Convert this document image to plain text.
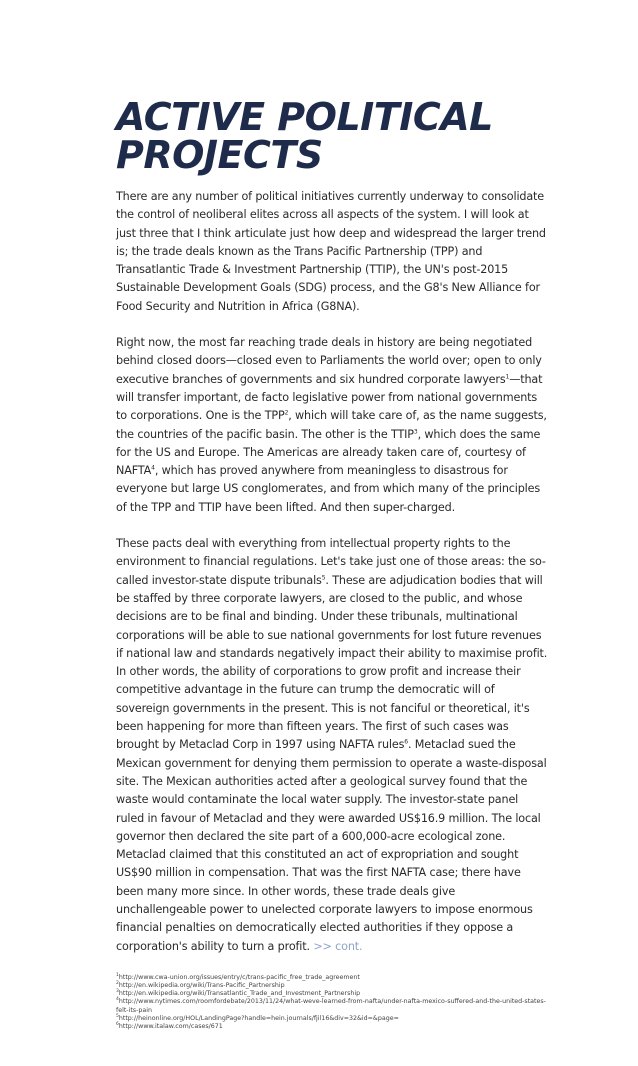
ACTIVE POLITICAL
PROJECTS

There are any number of political initiatives currently underway to consolidate the control of neoliberal elites across all aspects of the system. I will look at just three that I think articulate just how deep and widespread the larger trend is; the trade deals known as the Trans Pacific Partnership (TPP) and Transatlantic Trade & Investment Partnership (TTIP), the UN's post-2015 Sustainable Development Goals (SDG) process, and the G8's New Alliance for Food Security and Nutrition in Africa (G8NA).

Right now, the most far reaching trade deals in history are being negotiated behind closed doors—closed even to Parliaments the world over; open to only executive branches of governments and six hundred corporate lawyers$^1$—that will transfer important, de facto legislative power from national governments to corporations. One is the TPP$^2$, which will take care of, as the name suggests, the countries of the pacific basin. The other is the TTIP$^3$, which does the same for the US and Europe. The Americas are already taken care of, courtesy of NAFTA$^4$, which has proved anywhere from meaningless to disastrous for everyone but large US conglomerates, and from which many of the principles of the TPP and TTIP have been lifted. And then super-charged.

These pacts deal with everything from intellectual property rights to the environment to financial regulations. Let's take just one of those areas: the so-called investor-state dispute tribunals$^5$. These are adjudication bodies that will be staffed by three corporate lawyers, are closed to the public, and whose decisions are to be final and binding. Under these tribunals, multinational corporations will be able to sue national governments for lost future revenues if national law and standards negatively impact their ability to maximise profit. In other words, the ability of corporations to grow profit and increase their competitive advantage in the future can trump the democratic will of sovereign governments in the present. This is not fanciful or theoretical, it's been happening for more than fifteen years. The first of such cases was brought by Metaclad Corp in 1997 using NAFTA rules$^6$. Metaclad sued the Mexican government for denying them permission to operate a waste-disposal site. The Mexican authorities acted after a geological survey found that the waste would contaminate the local water supply. The investor-state panel ruled in favour of Metaclad and they were awarded US$16.9 million. The local governor then declared the site part of a 600,000-acre ecological zone. Metaclad claimed that this constituted an act of expropriation and sought US$90 million in compensation. That was the first NAFTA case; there have been many more since. In other words, these trade deals give unchallengeable power to unelected corporate lawyers to impose enormous financial penalties on democratically elected authorities if they oppose a corporation's ability to turn a profit. >> cont.

$^1$http://www.cwa-union.org/issues/entry/c/trans-pacific_free_trade_agreement

$^2$http://en.wikipedia.org/wiki/Trans-Pacific_Partnership

$^3$http://en.wikipedia.org/wiki/Transatlantic_Trade_and_Investment_Partnership

$^4$http://www.nytimes.com/roomfordebate/2013/11/24/what-weve-learned-from-nafta/under-nafta-mexico-suffered-and-the-united-states-felt-its-pain

$^5$http://heinonline.org/HOL/LandingPage?handle=hein.journals/fjil16&div=32&id=&page=

$^6$http://www.italaw.com/cases/671
